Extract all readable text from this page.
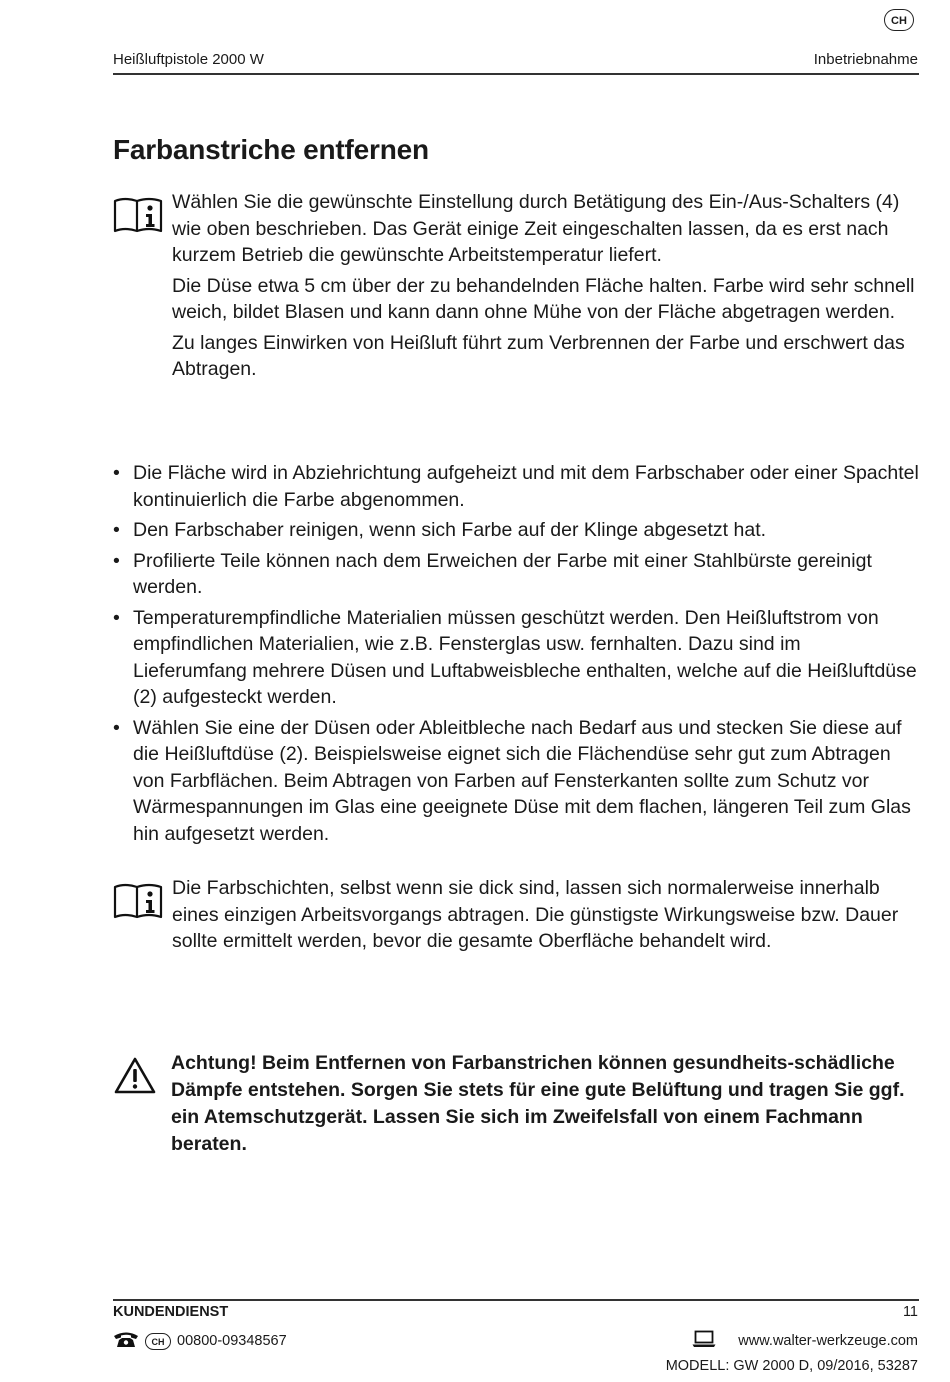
CH
Heißluftpistole 2000 W	Inbetriebnahme
Farbanstriche entfernen

Wählen Sie die gewünschte Einstellung durch Betätigung des Ein-/Aus-Schalters (4) wie oben beschrieben. Das Gerät einige Zeit eingeschalten lassen, da es erst nach kurzem Betrieb die gewünschte Arbeitstemperatur liefert.

Die Düse etwa 5 cm über der zu behandelnden Fläche halten. Farbe wird sehr schnell weich, bildet Blasen und kann dann ohne Mühe von der Fläche abgetragen werden.

Zu langes Einwirken von Heißluft führt zum Verbrennen der Farbe und erschwert das Abtragen.

• Die Fläche wird in Abziehrichtung aufgeheizt und mit dem Farbschaber oder einer Spachtel kontinuierlich die Farbe abgenommen.
• Den Farbschaber reinigen, wenn sich Farbe auf der Klinge abgesetzt hat.
• Profilierte Teile können nach dem Erweichen der Farbe mit einer Stahlbürste gereinigt werden.
• Temperaturempfindliche Materialien müssen geschützt werden. Den Heißluftstrom von empfindlichen Materialien, wie z.B. Fensterglas usw. fernhalten. Dazu sind im Lieferumfang mehrere Düsen und Luftabweisbleche enthalten, welche auf die Heißluftdüse (2) aufgesteckt werden.
• Wählen Sie eine der Düsen oder Ableitbleche nach Bedarf aus und stecken Sie diese auf die Heißluftdüse (2). Beispielsweise eignet sich die Flächendüse sehr gut zum Abtragen von Farbflächen. Beim Abtragen von Farben auf Fensterkanten sollte zum Schutz vor Wärmespannungen im Glas eine geeignete Düse mit dem flachen, längeren Teil zum Glas hin aufgesetzt werden.

Die Farbschichten, selbst wenn sie dick sind, lassen sich normalerweise innerhalb eines einzigen Arbeitsvorgangs abtragen. Die günstigste Wirkungsweise bzw. Dauer sollte ermittelt werden, bevor die gesamte Oberfläche behandelt wird.

Achtung! Beim Entfernen von Farbanstrichen können gesundheits-schädliche Dämpfe entstehen. Sorgen Sie stets für eine gute Belüftung und tragen Sie ggf. ein Atemschutzgerät. Lassen Sie sich im Zweifelsfall von einem Fachmann beraten.
KUNDENDIENST	11
CH 00800-09348567	www.walter-werkzeuge.com
MODELL: GW 2000 D, 09/2016, 53287
